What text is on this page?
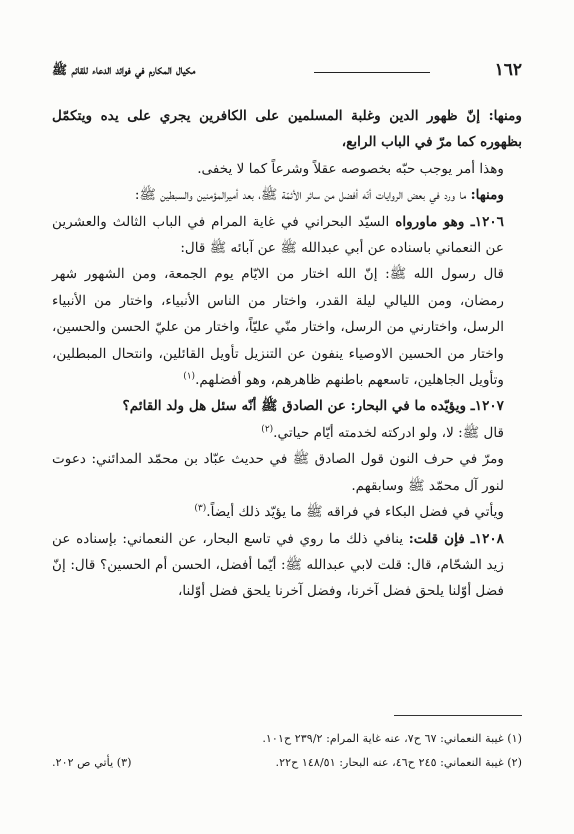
١٦٢
مكيال المكارم في فوائد الدعاء للقائم ﷺ

ومنها: إنّ ظهور الدين وغلبة المسلمين على الكافرين يجري على يده ويتكمّل بظهوره كما مرّ في الباب الرابع،

وهذا أمر يوجب حبّه بخصوصه عقلاً وشرعاً كما لا يخفى.

ومنها: ما ورد في بعض الروايات أنّه أفضل من سائر الأئمّة ﷺ، بعد أميرالمؤمنين والسبطين ﷺ:

١٢٠٦ـ وهو ماورواه السيّد البحراني في غاية المرام في الباب الثالث والعشرين عن النعماني باسناده عن أبي عبدالله ﷺ عن آبائه ﷺ قال:

قال رسول الله ﷺ: إنّ الله اختار من الايّام يوم الجمعة، ومن الشهور شهر رمضان، ومن الليالي ليلة القدر، واختار من الناس الأنبياء، واختار من الأنبياء الرسل، واختارني من الرسل، واختار منّي عليّاً، واختار من عليّ الحسن والحسين، واختار من الحسين الاوصياء ينفون عن التنزيل تأويل القائلين، وانتحال المبطلين، وتأويل الجاهلين، تاسعهم باطنهم ظاهرهم، وهو أفضلهم.$^{(١)}$

١٢٠٧ـ ويؤيّده ما في البحار: عن الصادق ﷺ أنّه سئل هل ولد القائم؟

قال ﷺ: لا، ولو ادركته لخدمته أيّام حياتي.$^{(٢)}$

ومرّ في حرف النون قول الصادق ﷺ في حديث عبّاد بن محمّد المدائني: دعوت لنور آل محمّد ﷺ وسابقهم.

ويأتي في فضل البكاء في فراقه ﷺ ما يؤيّد ذلك أيضاً.$^{(٣)}$

١٢٠٨ـ فإن قلت: ينافي ذلك ما روي في تاسع البحار، عن النعماني: بإسناده عن زيد الشحّام، قال: قلت لابي عبدالله ﷺ: أيّما أفضل، الحسن أم الحسين؟ قال: إنّ فضل أوّلنا يلحق فضل آخرنا، وفضل آخرنا يلحق فضل أوّلنا،

(١) غيبة النعماني: ٦٧ ح٧، عنه غاية المرام: ٢٣٩/٢ ح١٠١.
(٢) غيبة النعماني: ٢٤٥ ح٤٦، عنه البحار: ١٤٨/٥١ ح٢٢.
(٣) يأتي ص ٢٠٢.
